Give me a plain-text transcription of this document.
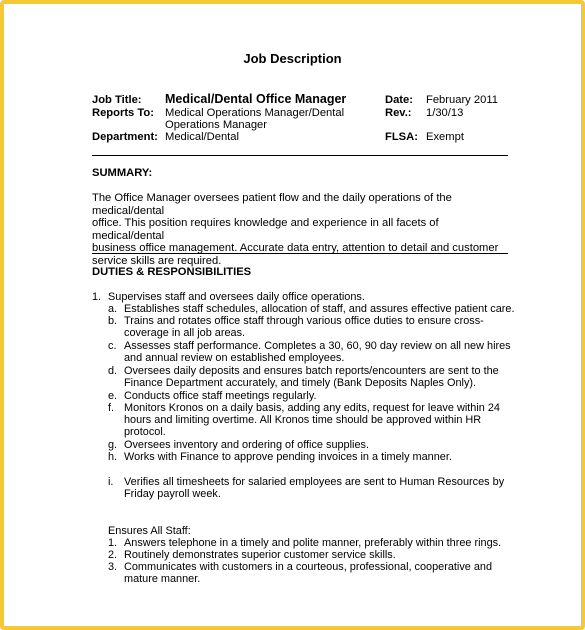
Job Description
Job Title: Medical/Dental Office Manager	Date: February 2011
Reports To: Medical Operations Manager/Dental
Operations Manager
Rev.: 1/30/13
Department: Medical/Dental	FLSA: Exempt
SUMMARY:
The Office Manager oversees patient flow and the daily operations of the medical/dental
office. This position requires knowledge and experience in all facets of medical/dental
business office management. Accurate data entry, attention to detail and customer
service skills are required.
DUTIES & RESPONSIBILITIES
1. Supervises staff and oversees daily office operations.
a. Establishes staff schedules, allocation of staff, and assures effective patient care.
b. Trains and rotates office staff through various office duties to ensure cross-
coverage in all job areas.
c. Assesses staff performance. Completes a 30, 60, 90 day review on all new hires
and annual review on established employees.
d. Oversees daily deposits and ensures batch reports/encounters are sent to the
Finance Department accurately, and timely (Bank Deposits Naples Only).
e. Conducts office staff meetings regularly.
f. Monitors Kronos on a daily basis, adding any edits, request for leave within 24
hours and limiting overtime. All Kronos time should be approved within HR
protocol.
g. Oversees inventory and ordering of office supplies.
h. Works with Finance to approve pending invoices in a timely manner.
i. Verifies all timesheets for salaried employees are sent to Human Resources by
Friday payroll week.
Ensures All Staff:
1. Answers telephone in a timely and polite manner, preferably within three rings.
2. Routinely demonstrates superior customer service skills.
3. Communicates with customers in a courteous, professional, cooperative and
mature manner.
